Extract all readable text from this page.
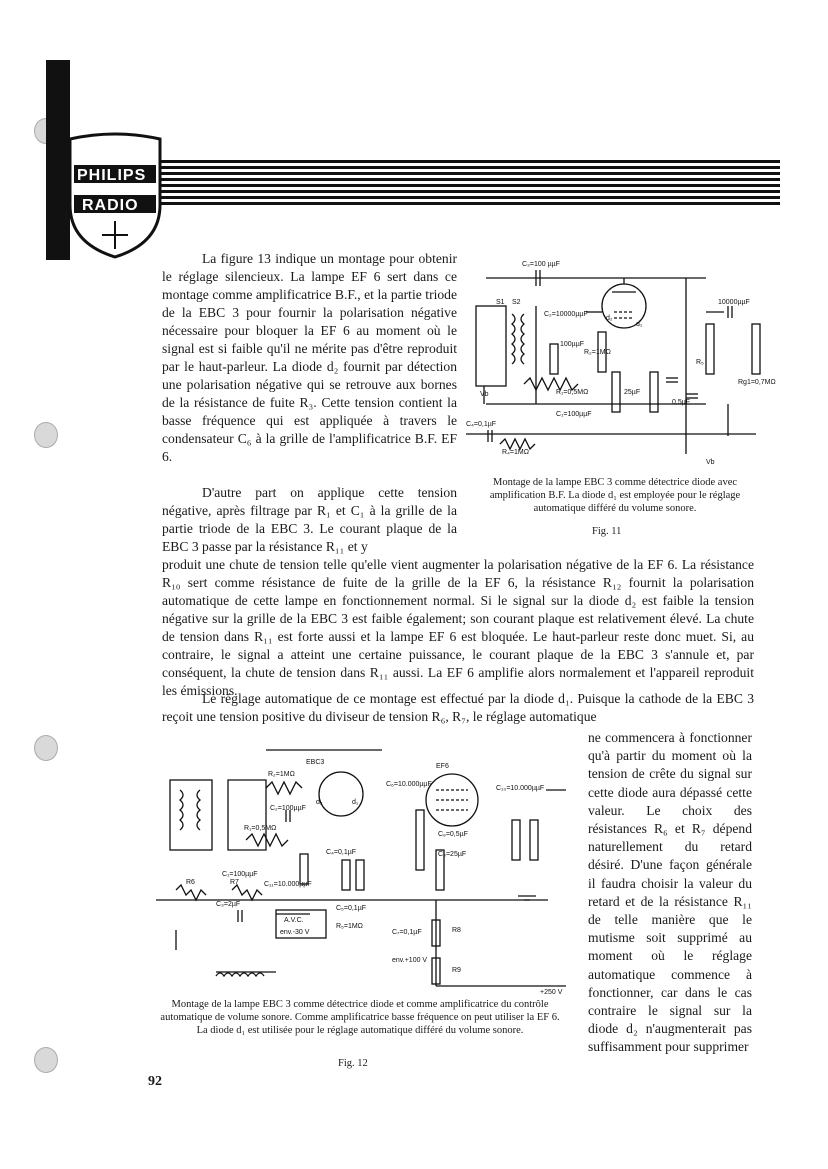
PHILIPS
RADIO

La figure 13 indique un montage pour obtenir le réglage silencieux. La lampe EF 6 sert dans ce montage comme amplificatrice B.F., et la partie triode de la EBC 3 pour fournir la polarisation négative nécessaire pour bloquer la EF 6 au moment où le signal est si faible qu'il ne mérite pas d'être reproduit par le haut-parleur. La diode d₂ fournit par détection une polarisation négative qui se retrouve aux bornes de la résistance de fuite R₃. Cette tension contient la basse fréquence qui est appliquée à travers le condensateur C₆ à la grille de l'amplificatrice B.F. EF 6.

D'autre part on applique cette tension négative, après filtrage par R₁ et C₁ à la grille de la partie triode de la EBC 3. Le courant plaque de la EBC 3 passe par la résistance R₁₁ et y

produit une chute de tension telle qu'elle vient augmenter la polarisation négative de la EF 6. La résistance R₁₀ sert comme résistance de fuite de la grille de la EF 6, la résistance R₁₂ fournit la polarisation automatique de cette lampe en fonctionnement normal. Si le signal sur la diode d₂ est faible la tension négative sur la grille de la EBC 3 est faible également; son courant plaque est relativement élevé. La chute de tension dans R₁₁ est forte aussi et la lampe EF 6 est bloquée. Le haut-parleur reste donc muet. Si, au contraire, le signal a atteint une certaine puissance, le courant plaque de la EBC 3 s'annule et, par conséquent, la chute de tension dans R₁₁ aussi. La EF 6 amplifie alors normalement et l'appareil reproduit les émissions.

Le réglage automatique de ce montage est effectué par la diode d₁. Puisque la cathode de la EBC 3 reçoit une tension positive du diviseur de tension R₆, R₇, le réglage automatique

ne commencera à fonctionner qu'à partir du moment où la tension de crête du signal sur cette diode aura dépassé cette valeur. Le choix des résistances R₆ et R₇ dépend naturellement du retard désiré. D'une façon générale il faudra choisir la valeur du retard et de la résistance R₁₁ de telle manière que le mutisme soit supprimé au moment où le réglage automatique commence à fonctionner, car dans le cas contraire le signal sur la diode d₂ n'augmenterait pas suffisamment pour supprimer

C₃=100 µµF
S1 S2
C₂=10000µµF
100µµF
R₁=0,5MΩ
R₂=1MΩ
C₁=100µµF
C₄=0,1µF
R₄=1MΩ
25µF
0,5µF
10000µµF
R₅
Rg1=0,7MΩ
Vb
Vb
d₁
d₂

Montage de la lampe EBC 3 comme détectrice diode avec amplification B.F. La diode d₁ est employée pour le réglage automatique différé du volume sonore.

Fig. 11
EBC3
EF6
R₂=1MΩ
C₂=100µµF
R₁=0,5MΩ
C₁=100µµF
C₁₁=10.000µµF
C₃=2µF
C₄=0,1µF
C₅=0,1µF
C₆=10.000µµF
C₉=0,5µF
C₈=25µF
C₇=0,1µF
C₁₀=10.000µµF
R6	R7
R8
R9
R₅=1MΩ
A.V.C.
env.-30 V
env.+100 V
+250 V
d₁
d₂

Montage de la lampe EBC 3 comme détectrice diode et comme amplificatrice du contrôle automatique de volume sonore. Comme amplificatrice basse fréquence on peut utiliser la EF 6. La diode d₁ est utilisée pour le réglage automatique différé du volume sonore.

Fig. 12
92
